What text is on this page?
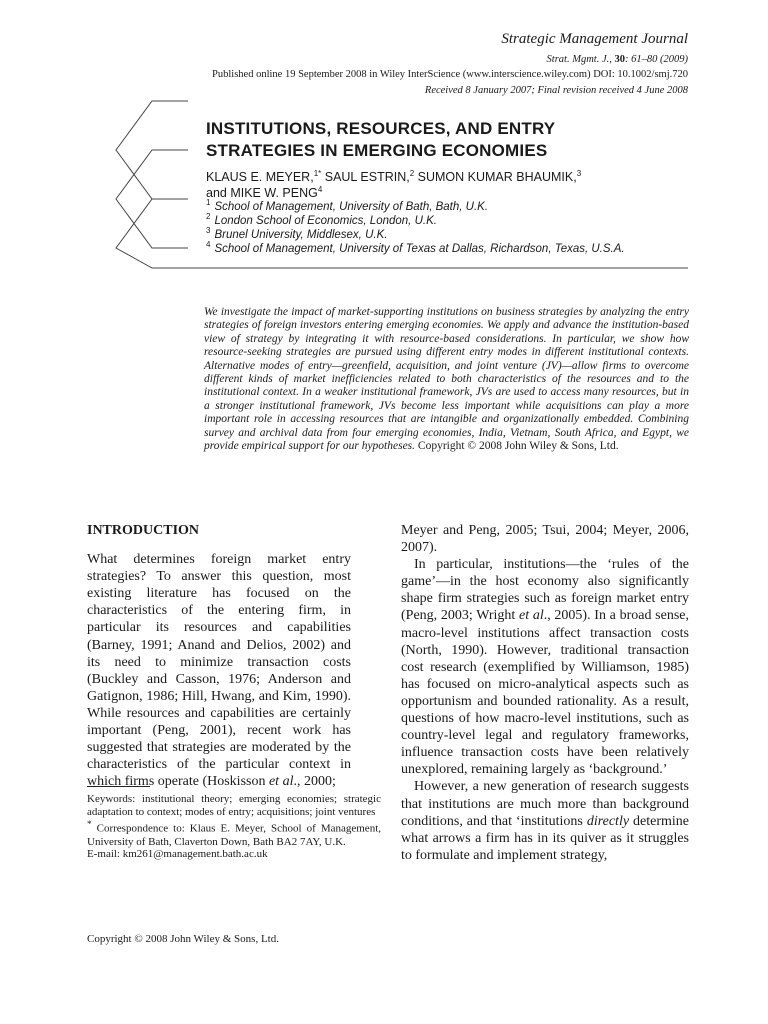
Strategic Management Journal
Strat. Mgmt. J., 30: 61–80 (2009)
Published online 19 September 2008 in Wiley InterScience (www.interscience.wiley.com) DOI: 10.1002/smj.720
Received 8 January 2007; Final revision received 4 June 2008
INSTITUTIONS, RESOURCES, AND ENTRY
STRATEGIES IN EMERGING ECONOMIES
KLAUS E. MEYER,$^{1*}$ SAUL ESTRIN,$^2$ SUMON KUMAR BHAUMIK,$^3$
and MIKE W. PENG$^4$
$^1$ School of Management, University of Bath, Bath, U.K.
$^2$ London School of Economics, London, U.K.
$^3$ Brunel University, Middlesex, U.K.
$^4$ School of Management, University of Texas at Dallas, Richardson, Texas, U.S.A.
We investigate the impact of market-supporting institutions on business strategies by analyzing the entry strategies of foreign investors entering emerging economies. We apply and advance the institution-based view of strategy by integrating it with resource-based considerations. In particular, we show how resource-seeking strategies are pursued using different entry modes in different institutional contexts. Alternative modes of entry—greenfield, acquisition, and joint venture (JV)—allow firms to overcome different kinds of market inefficiencies related to both characteristics of the resources and to the institutional context. In a weaker institutional framework, JVs are used to access many resources, but in a stronger institutional framework, JVs become less important while acquisitions can play a more important role in accessing resources that are intangible and organizationally embedded. Combining survey and archival data from four emerging economies, India, Vietnam, South Africa, and Egypt, we provide empirical support for our hypotheses. Copyright © 2008 John Wiley & Sons, Ltd.

INTRODUCTION

What determines foreign market entry strategies? To answer this question, most existing literature has focused on the characteristics of the entering firm, in particular its resources and capabilities (Barney, 1991; Anand and Delios, 2002) and its need to minimize transaction costs (Buckley and Casson, 1976; Anderson and Gatignon, 1986; Hill, Hwang, and Kim, 1990). While resources and capabilities are certainly important (Peng, 2001), recent work has suggested that strategies are moderated by the characteristics of the particular context in which firms operate (Hoskisson et al., 2000;

Meyer and Peng, 2005; Tsui, 2004; Meyer, 2006, 2007).

In particular, institutions—the ‘rules of the game’—in the host economy also significantly shape firm strategies such as foreign market entry (Peng, 2003; Wright et al., 2005). In a broad sense, macro-level institutions affect transaction costs (North, 1990). However, traditional transaction cost research (exemplified by Williamson, 1985) has focused on micro-analytical aspects such as opportunism and bounded rationality. As a result, questions of how macro-level institutions, such as country-level legal and regulatory frameworks, influence transaction costs have been relatively unexplored, remaining largely as ‘background.’

However, a new generation of research suggests that institutions are much more than background conditions, and that ‘institutions directly determine what arrows a firm has in its quiver as it struggles to formulate and implement strategy,

Keywords: institutional theory; emerging economies; strategic adaptation to context; modes of entry; acquisitions; joint ventures

* Correspondence to: Klaus E. Meyer, School of Management, University of Bath, Claverton Down, Bath BA2 7AY, U.K.

E-mail: km261@management.bath.ac.uk

Copyright © 2008 John Wiley & Sons, Ltd.
